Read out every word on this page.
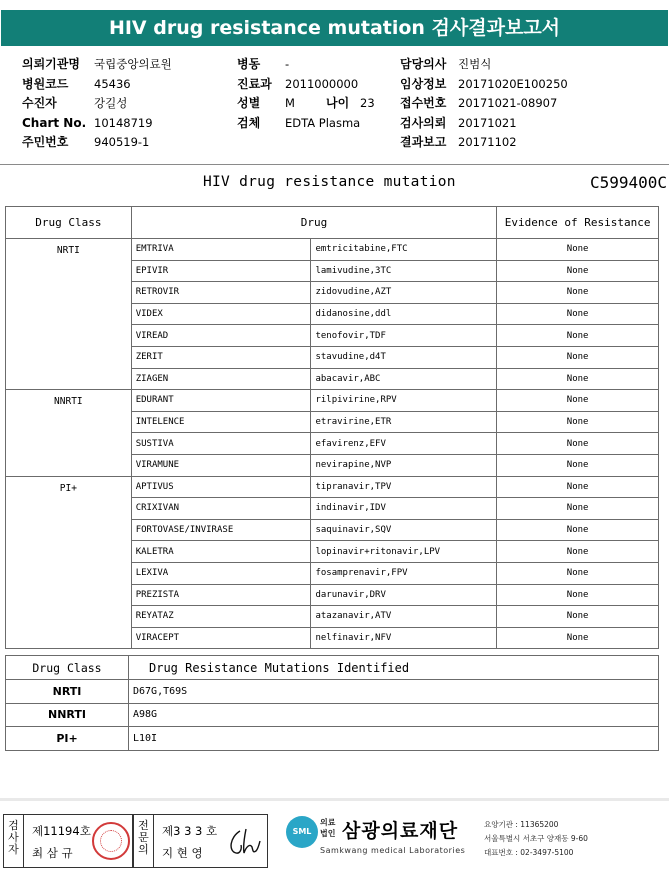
HIV drug resistance mutation 검사결과보고서
의뢰기관명 국립중앙의료원
병원코드 45436
수진자	강길성
Chart No. 10148719
주민번호 940519-1
병동 -
진료과 2011000000
성별 M
검체 EDTA Plasma
나이 23
담당의사 진범식
임상정보 20171020E100250
접수번호 20171021-08907
검사의뢰 20171021
결과보고 20171102
HIV drug resistance mutation	C599400C
Drug Class	Drug		Evidence of Resistance
NRTI	EMTRIVA	emtricitabine,FTC	None
	EPIVIR	lamivudine,3TC	None
	RETROVIR	zidovudine,AZT	None
	VIDEX	didanosine,ddl	None
	VIREAD	tenofovir,TDF	None
	ZERIT	stavudine,d4T	None
	ZIAGEN	abacavir,ABC	None
NNRTI	EDURANT	rilpivirine,RPV	None
	INTELENCE	etravirine,ETR	None
	SUSTIVA	efavirenz,EFV	None
	VIRAMUNE	nevirapine,NVP	None
PI+	APTIVUS	tipranavir,TPV	None
	CRIXIVAN	indinavir,IDV	None
	FORTOVASE/INVIRASE	saquinavir,SQV	None
	KALETRA	lopinavir+ritonavir,LPV	None
	LEXIVA	fosamprenavir,FPV	None
	PREZISTA	darunavir,DRV	None
	REYATAZ	atazanavir,ATV	None
	VIRACEPT	nelfinavir,NFV	None
Drug Class	Drug Resistance Mutations Identified
NRTI	D67G,T69S
NNRTI	A98G
PI+	L10I
검
사
자
제11194호
최 삼 규
전
문
의
제3 3 3 호
지 현 영
SML
의료
법인 삼광의료재단
Samkwang medical Laboratories
요양기관 : 11365200
서울특별시 서초구 양재동 9-60
대표번호 : 02-3497-5100
